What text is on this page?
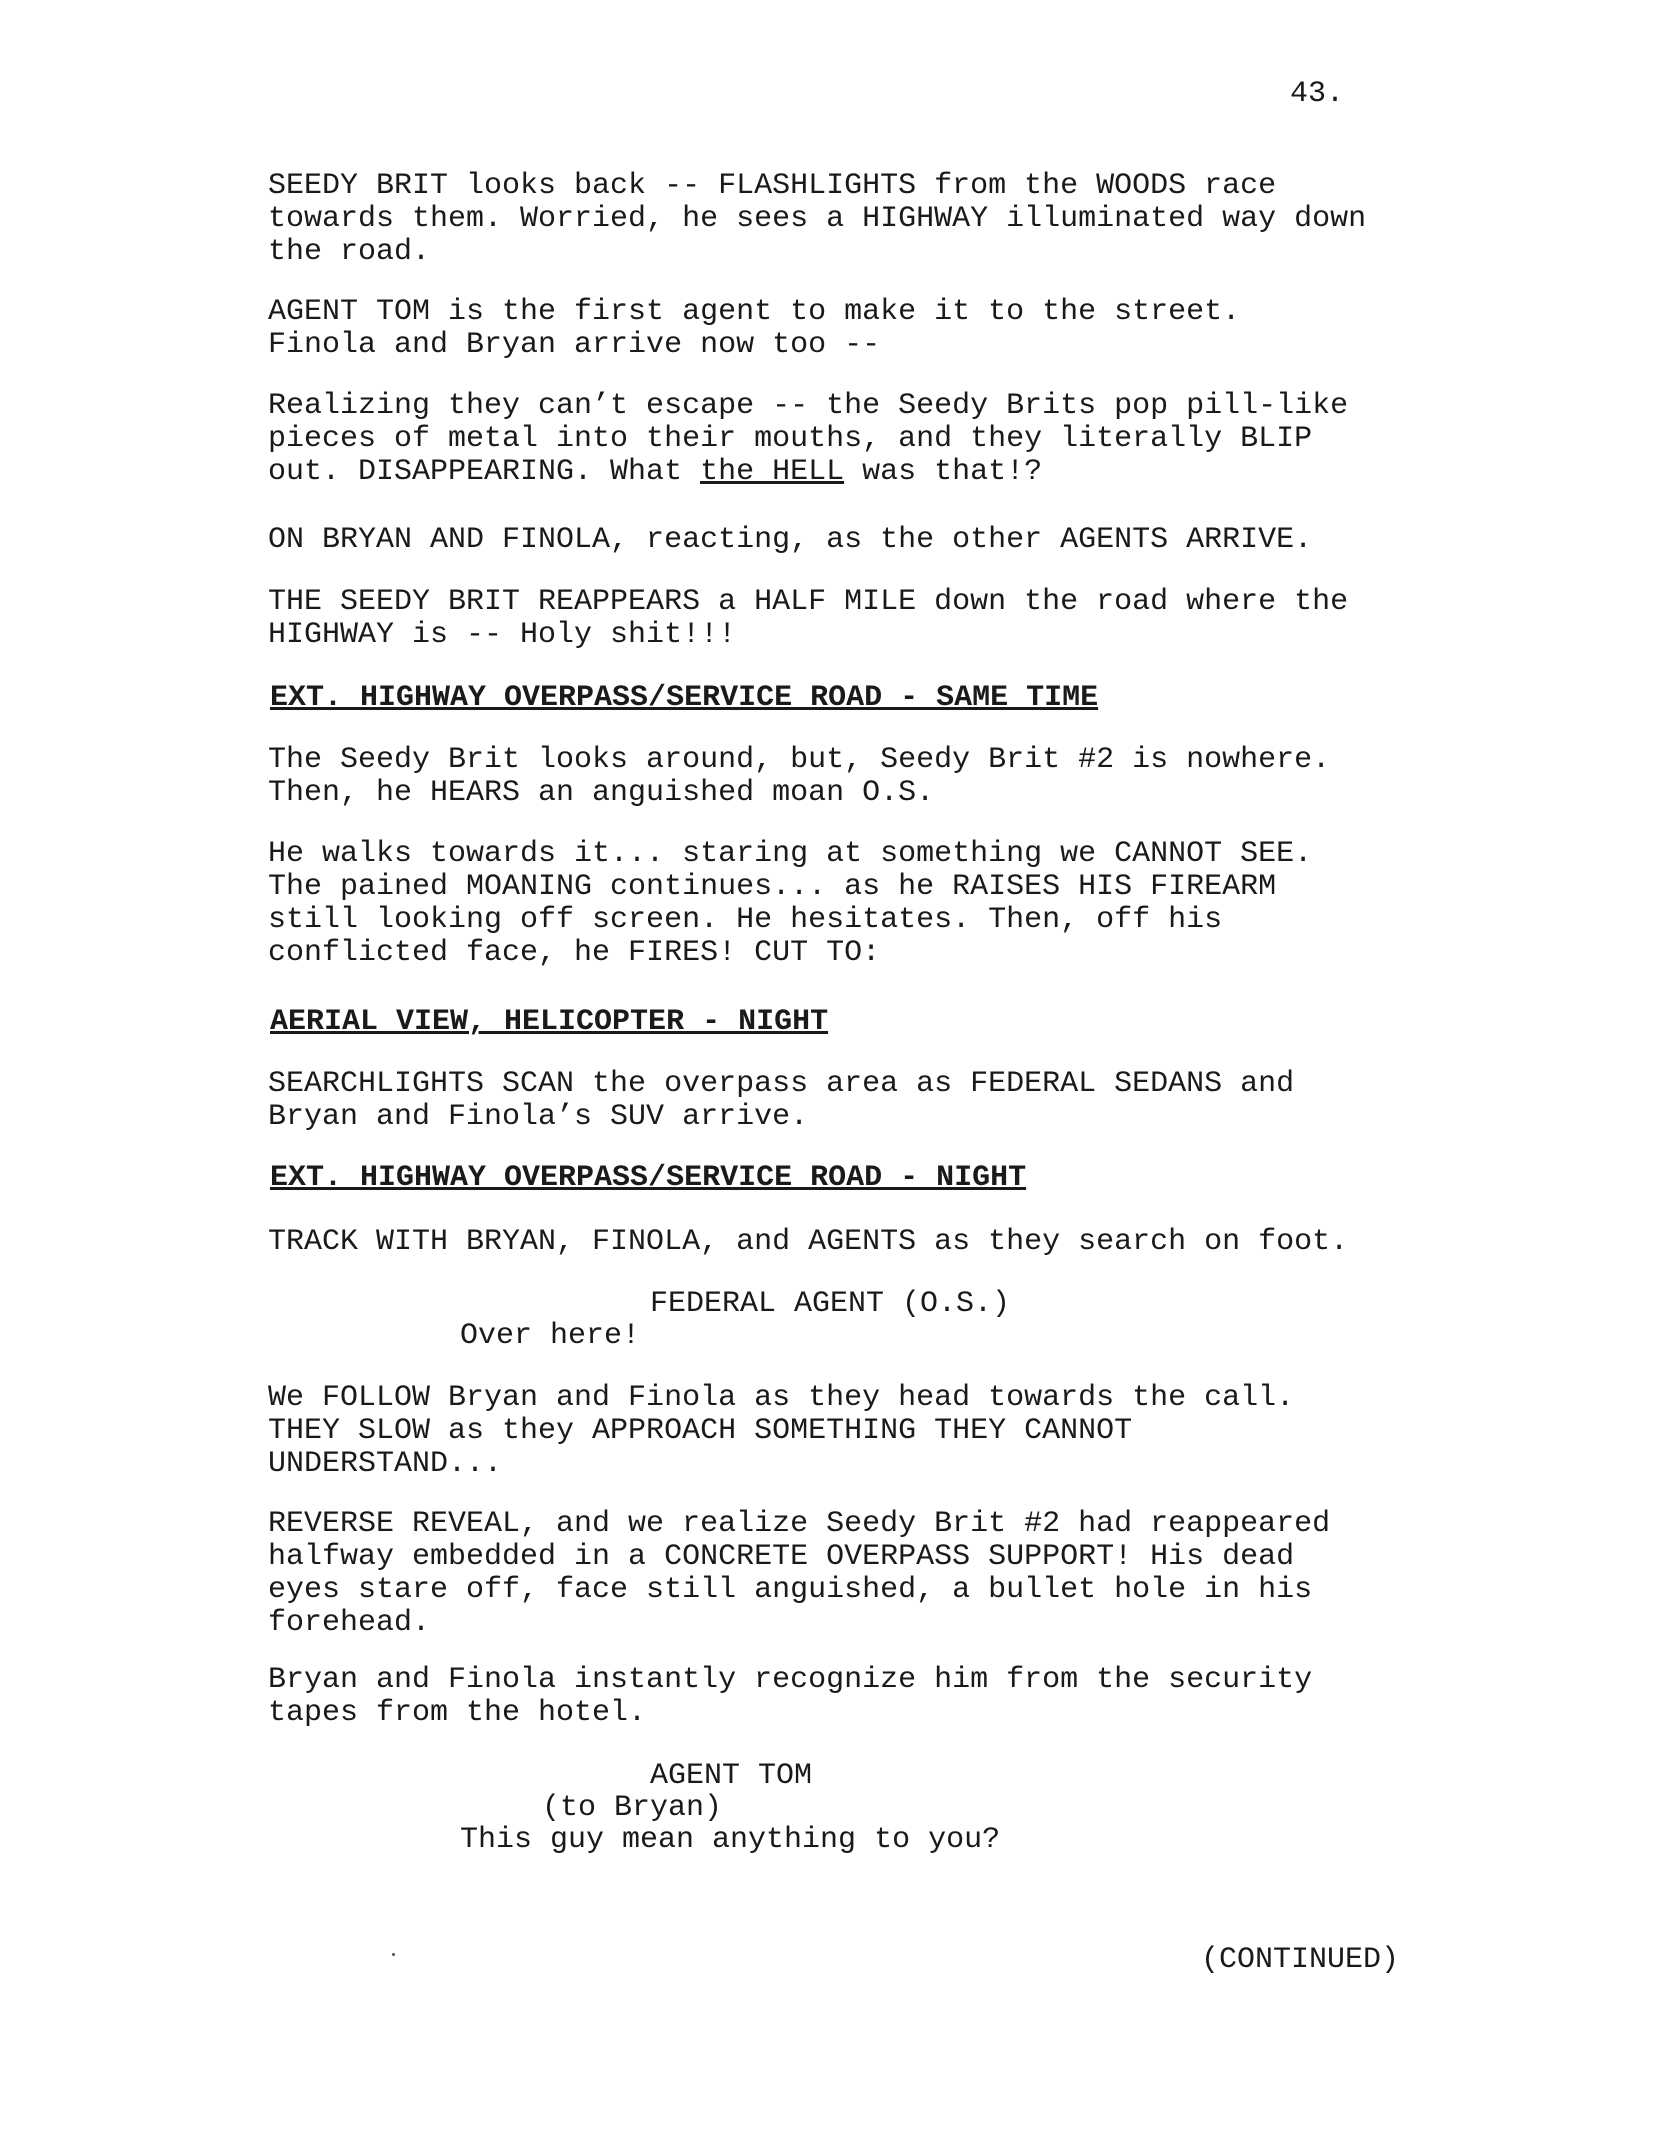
43.

SEEDY BRIT looks back -- FLASHLIGHTS from the WOODS race
towards them. Worried, he sees a HIGHWAY illuminated way down
the road.

AGENT TOM is the first agent to make it to the street.
Finola and Bryan arrive now too --

Realizing they can’t escape -- the Seedy Brits pop pill-like
pieces of metal into their mouths, and they literally BLIP
out. DISAPPEARING. What the HELL was that!?

ON BRYAN AND FINOLA, reacting, as the other AGENTS ARRIVE.

THE SEEDY BRIT REAPPEARS a HALF MILE down the road where the
HIGHWAY is -- Holy shit!!!

EXT. HIGHWAY OVERPASS/SERVICE ROAD - SAME TIME

The Seedy Brit looks around, but, Seedy Brit #2 is nowhere.
Then, he HEARS an anguished moan O.S.

He walks towards it... staring at something we CANNOT SEE.
The pained MOANING continues... as he RAISES HIS FIREARM
still looking off screen. He hesitates. Then, off his
conflicted face, he FIRES! CUT TO:

AERIAL VIEW, HELICOPTER - NIGHT

SEARCHLIGHTS SCAN the overpass area as FEDERAL SEDANS and
Bryan and Finola’s SUV arrive.

EXT. HIGHWAY OVERPASS/SERVICE ROAD - NIGHT

TRACK WITH BRYAN, FINOLA, and AGENTS as they search on foot.

FEDERAL AGENT (O.S.)
Over here!

We FOLLOW Bryan and Finola as they head towards the call.
THEY SLOW as they APPROACH SOMETHING THEY CANNOT
UNDERSTAND...

REVERSE REVEAL, and we realize Seedy Brit #2 had reappeared
halfway embedded in a CONCRETE OVERPASS SUPPORT! His dead
eyes stare off, face still anguished, a bullet hole in his
forehead.

Bryan and Finola instantly recognize him from the security
tapes from the hotel.

AGENT TOM
(to Bryan)
This guy mean anything to you?
(CONTINUED)
